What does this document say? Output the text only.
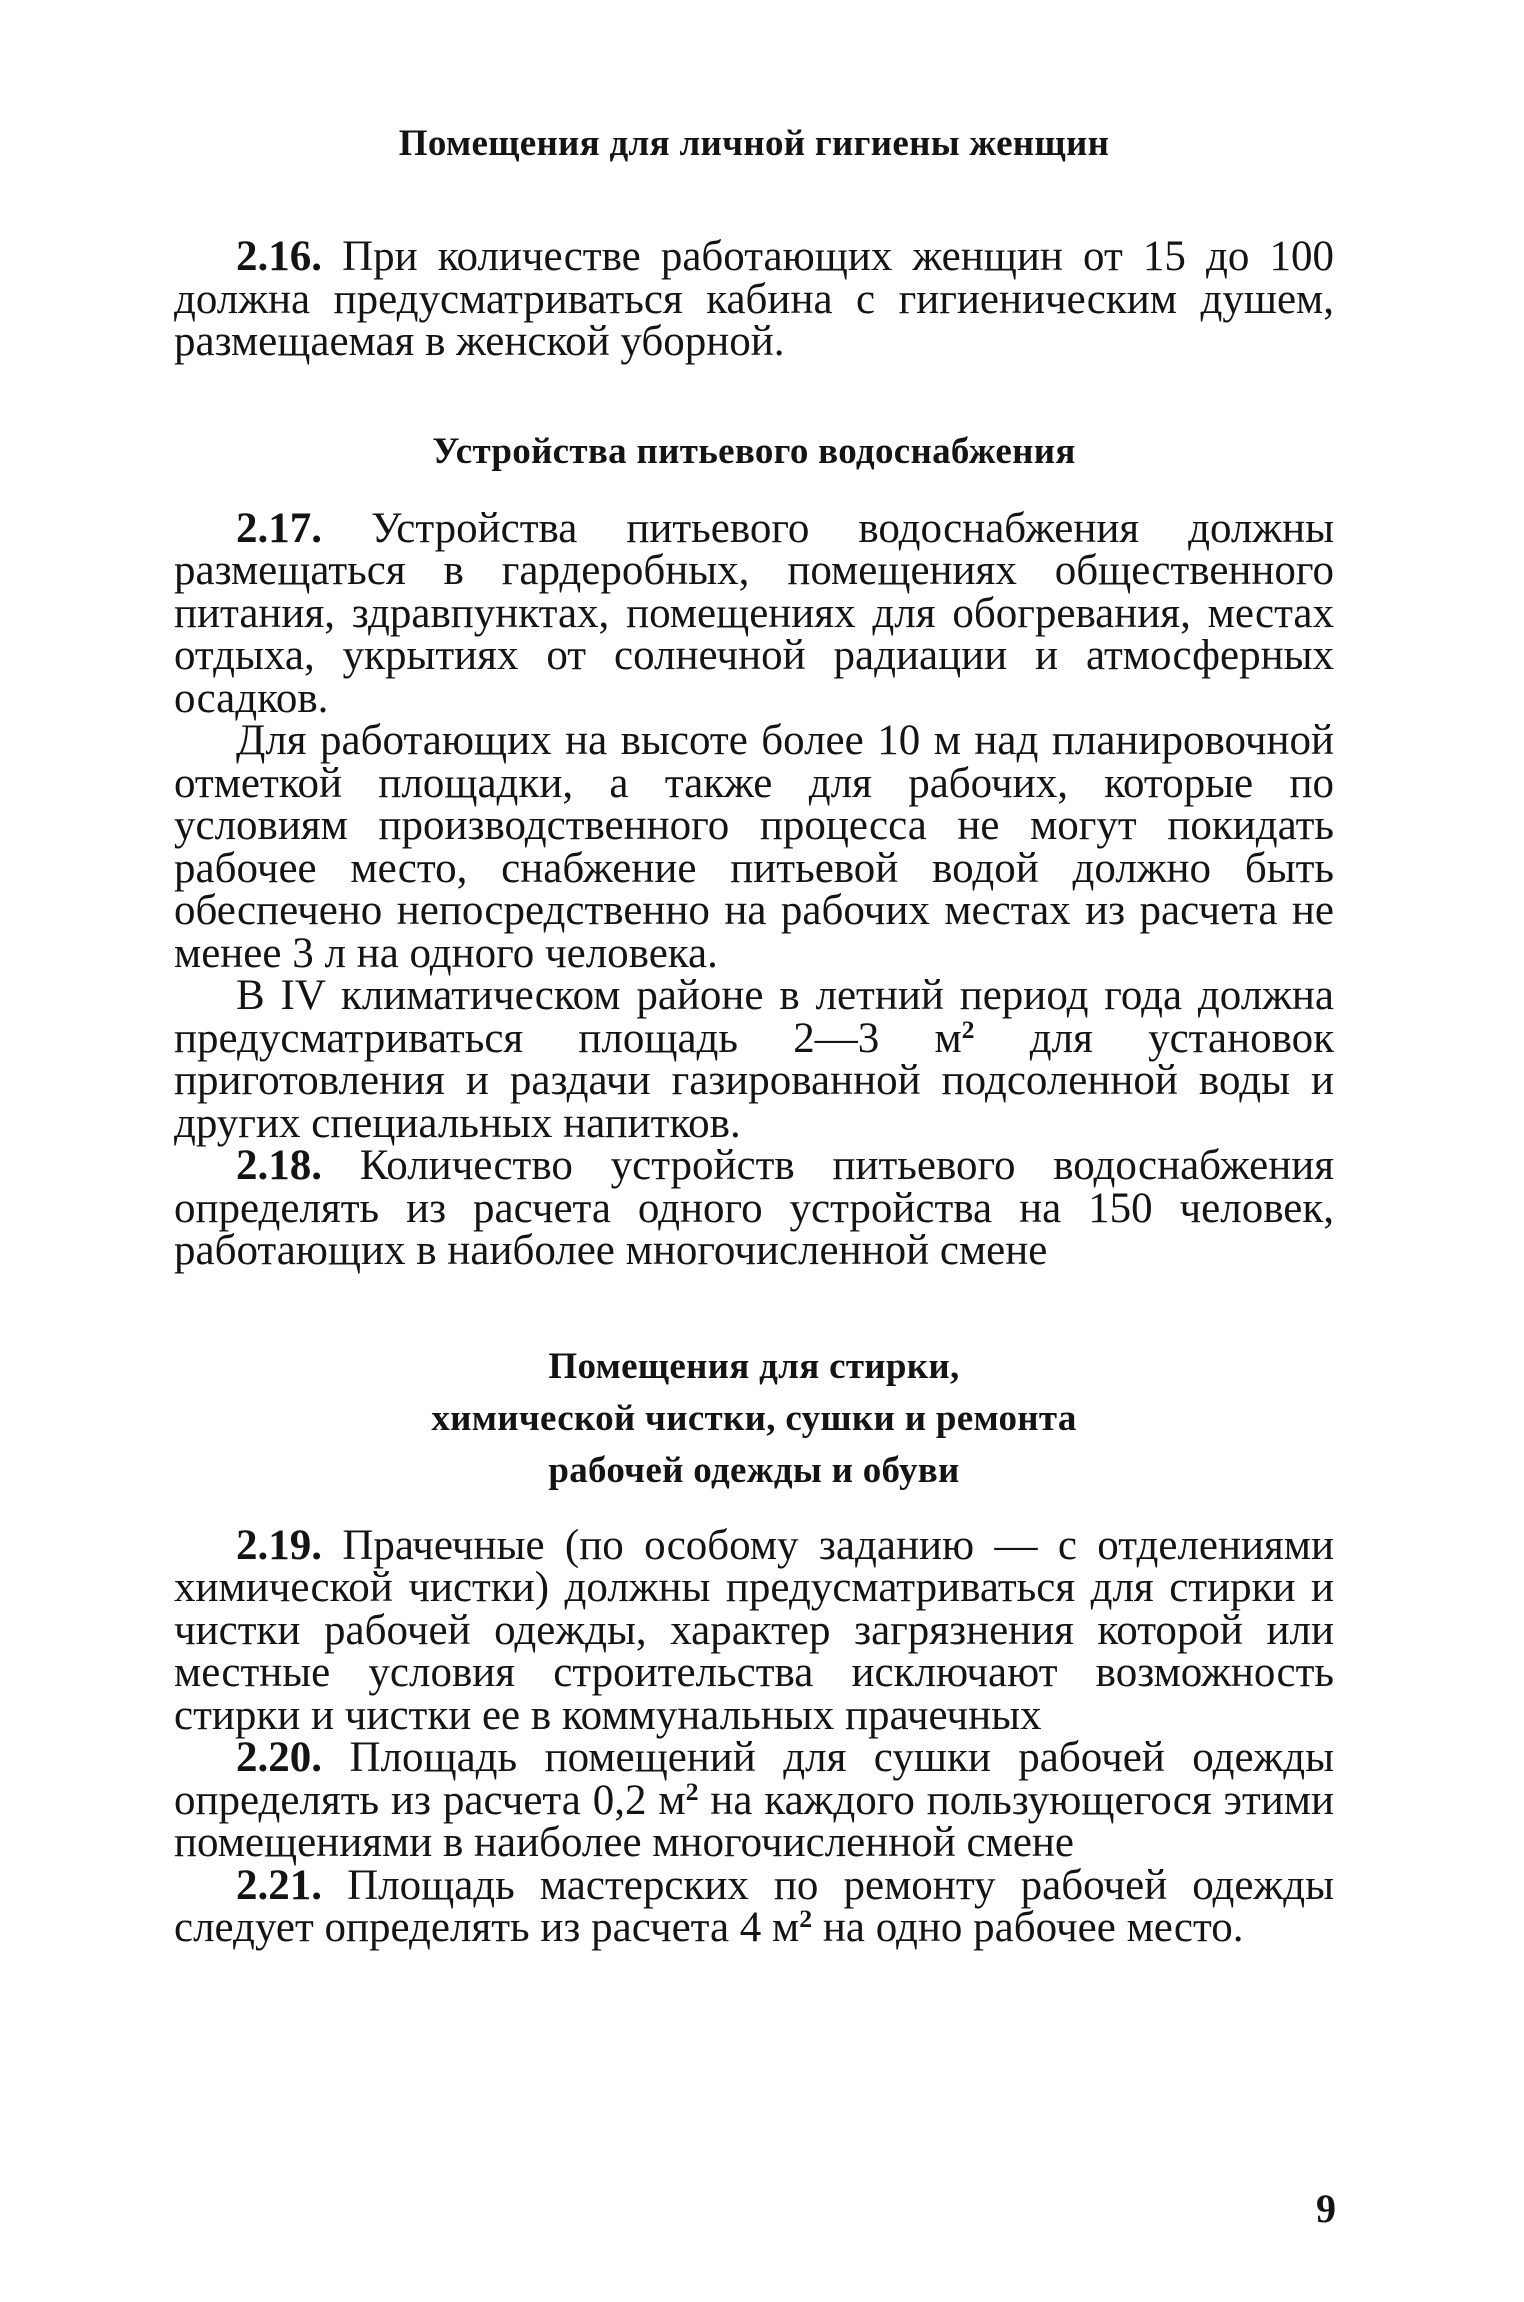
Помещения для личной гигиены женщин

2.16. При количестве работающих женщин от 15 до 100 должна предусматриваться кабина с гигиеническим душем, размещаемая в женской уборной.

Устройства питьевого водоснабжения

2.17. Устройства питьевого водоснабжения должны размещаться в гардеробных, помещениях общественного питания, здравпунктах, помещениях для обогревания, местах отдыха, укрытиях от солнечной радиации и атмосферных осадков.

Для работающих на высоте более 10 м над планировочной отметкой площадки, а также для рабочих, которые по условиям производственного процесса не могут покидать рабочее место, снабжение питьевой водой должно быть обеспечено непосредственно на рабочих местах из расчета не менее 3 л на одного человека.

В IV климатическом районе в летний период года должна предусматриваться площадь 2—3 $м^2$ для установок приготовления и раздачи газированной подсоленной воды и других специальных напитков.

2.18. Количество устройств питьевого водоснабжения определять из расчета одного устройства на 150 человек, работающих в наиболее многочисленной смене

Помещения для стирки,
химической чистки, сушки и ремонта
рабочей одежды и обуви

2.19. Прачечные (по особому заданию — с отделениями химической чистки) должны предусматриваться для стирки и чистки рабочей одежды, характер загрязнения которой или местные условия строительства исключают возможность стирки и чистки ее в коммунальных прачечных

2.20. Площадь помещений для сушки рабочей одежды определять из расчета 0,2 $м^2$ на каждого пользующегося этими помещениями в наиболее многочисленной смене

2.21. Площадь мастерских по ремонту рабочей одежды следует определять из расчета 4 $м^2$ на одно рабочее место.

9
